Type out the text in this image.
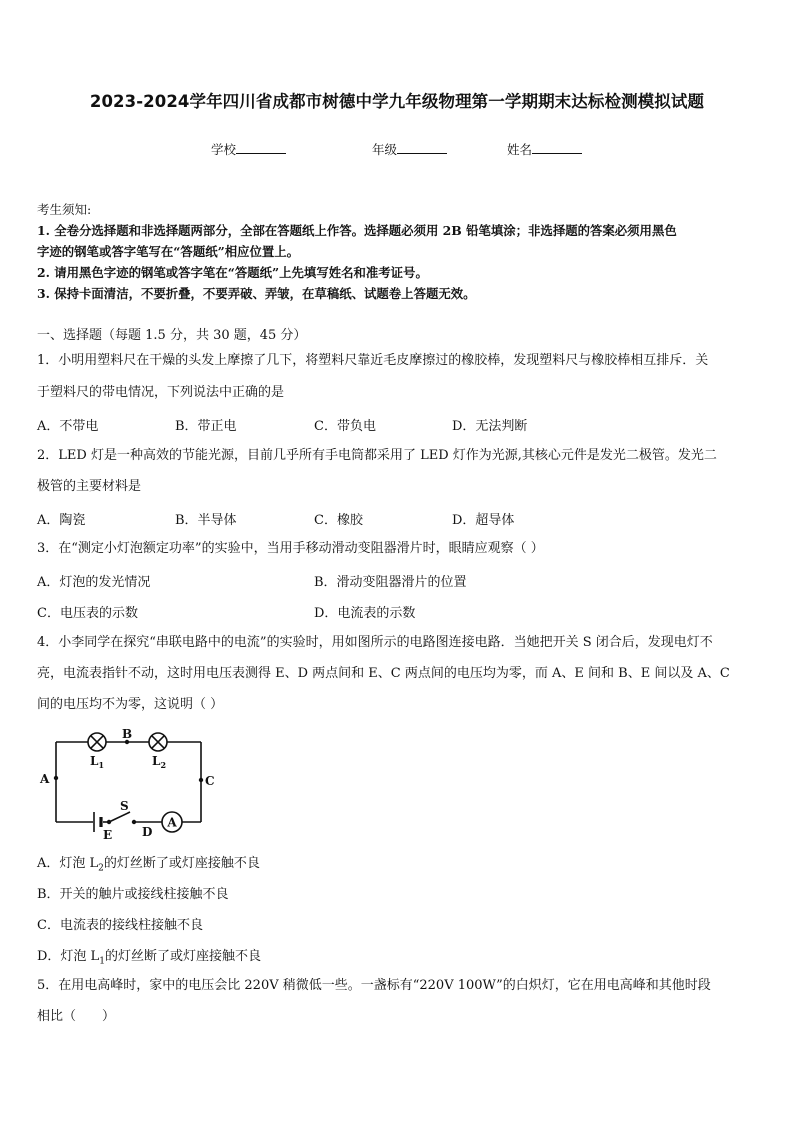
2023-2024学年四川省成都市树德中学九年级物理第一学期期末达标检测模拟试题
学校	年级	姓名
考生须知:
1. 全卷分选择题和非选择题两部分，全部在答题纸上作答。选择题必须用 2B 铅笔填涂；非选择题的答案必须用黑色
字迹的钢笔或答字笔写在“答题纸”相应位置上。
2. 请用黑色字迹的钢笔或答字笔在“答题纸”上先填写姓名和准考证号。
3. 保持卡面清洁，不要折叠，不要弄破、弄皱，在草稿纸、试题卷上答题无效。
一、选择题（每题 1.5 分，共 30 题，45 分）
1．小明用塑料尺在干燥的头发上摩擦了几下，将塑料尺靠近毛皮摩擦过的橡胶棒，发现塑料尺与橡胶棒相互排斥．关
于塑料尺的带电情况，下列说法中正确的是
A．不带电	B．带正电	C．带负电	D．无法判断
2．LED 灯是一种高效的节能光源，目前几乎所有手电筒都采用了 LED 灯作为光源,其核心元件是发光二极管。发光二
极管的主要材料是
A．陶瓷	B．半导体	C．橡胶	D．超导体
3．在“测定小灯泡额定功率”的实验中，当用手移动滑动变阻器滑片时，眼睛应观察（ ）
A．灯泡的发光情况	B．滑动变阻器滑片的位置
C．电压表的示数	D．电流表的示数
4．小李同学在探究“串联电路中的电流”的实验时，用如图所示的电路图连接电路．当她把开关 S 闭合后，发现电灯不
亮，电流表指针不动，这时用电压表测得 E、D 两点间和 E、C 两点间的电压均为零，而 A、E 间和 B、E 间以及 A、C
间的电压均不为零，这说明（ ）
A
B
A	C
S
E D
$L_1$	$L_2$
A．灯泡 $L_2$的灯丝断了或灯座接触不良
B．开关的触片或接线柱接触不良
C．电流表的接线柱接触不良
D．灯泡 $L_1$的灯丝断了或灯座接触不良
5．在用电高峰时，家中的电压会比 220V 稍微低一些。一盏标有“220V 100W”的白炽灯，它在用电高峰和其他时段
相比（　　）
